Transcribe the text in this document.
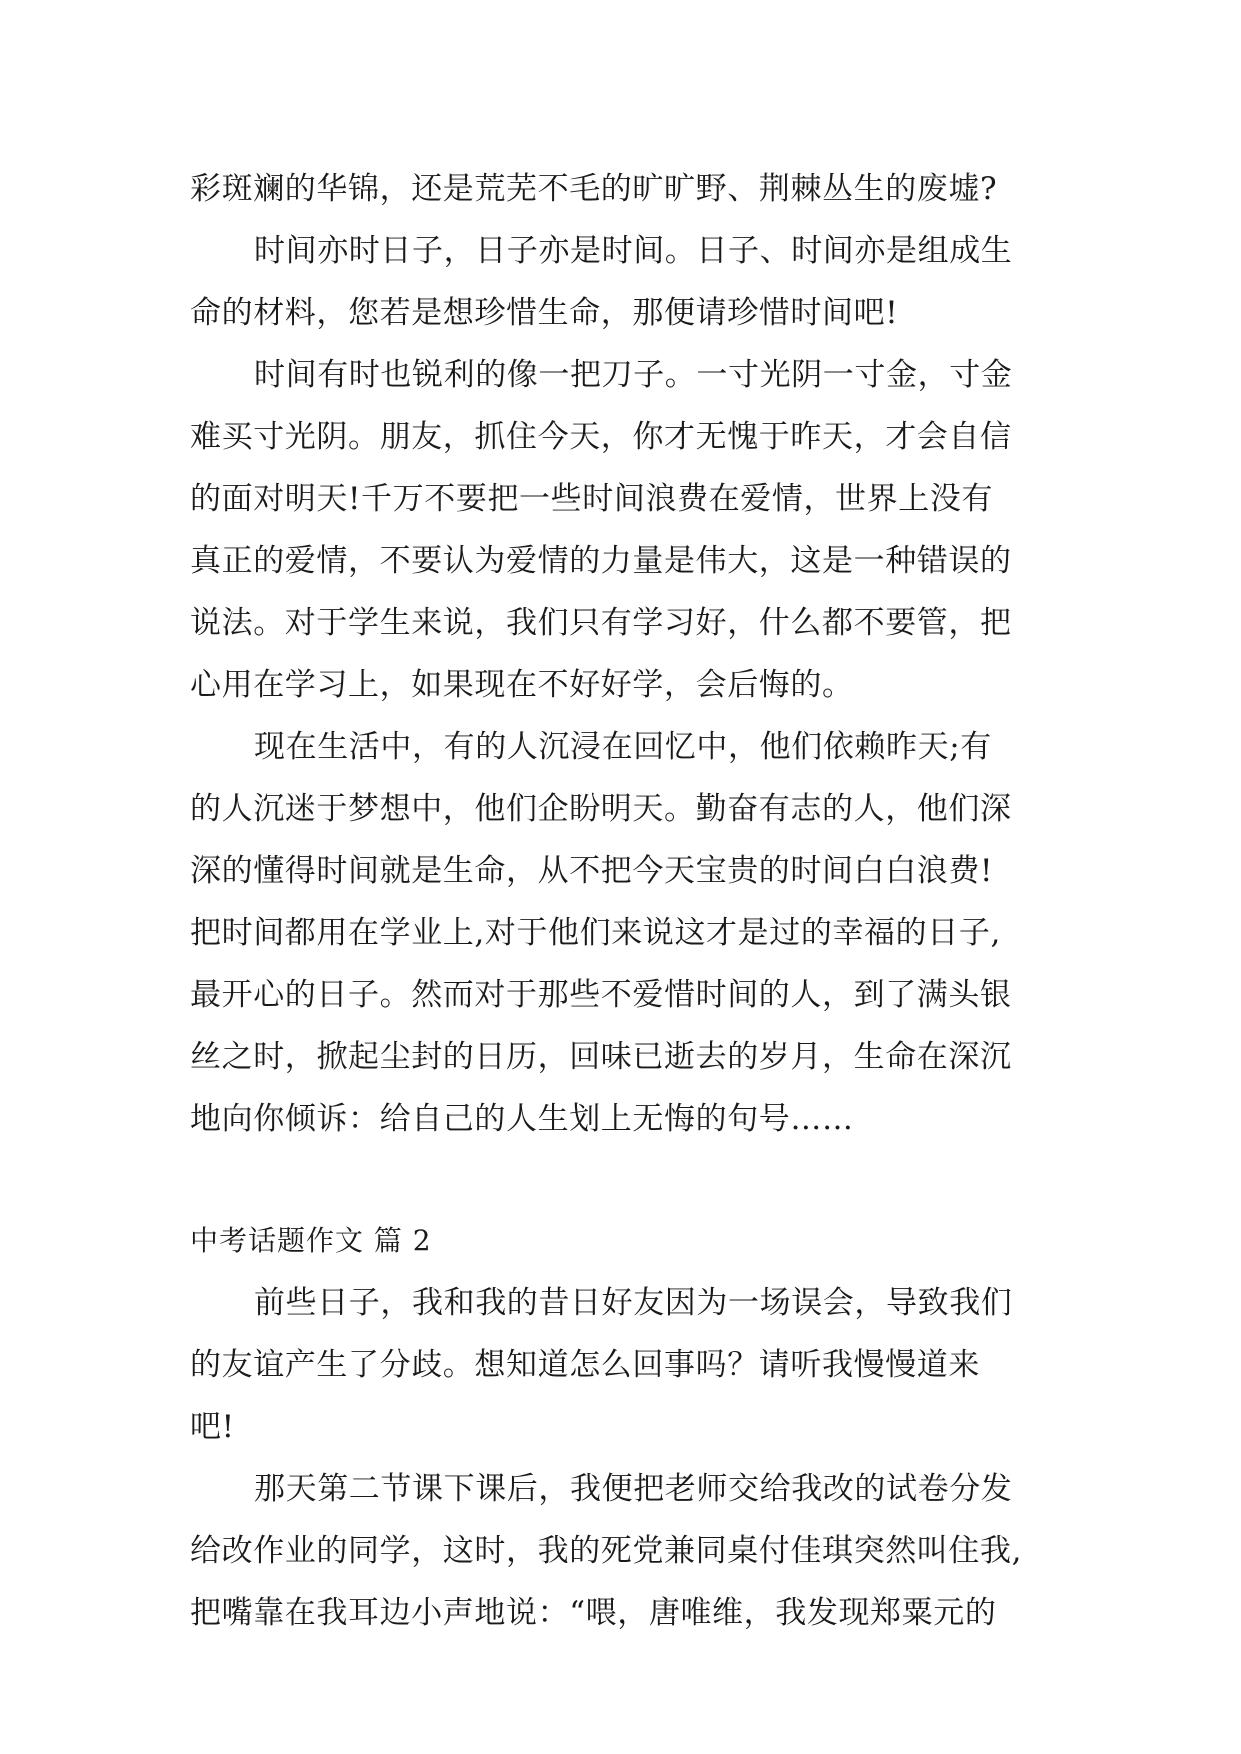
彩斑斓的华锦，还是荒芜不毛的旷旷野、荆棘丛生的废墟?
时间亦时日子，日子亦是时间。日子、时间亦是组成生
命的材料，您若是想珍惜生命，那便请珍惜时间吧!
时间有时也锐利的像一把刀子。一寸光阴一寸金，寸金
难买寸光阴。朋友，抓住今天，你才无愧于昨天，才会自信
的面对明天!千万不要把一些时间浪费在爱情，世界上没有
真正的爱情，不要认为爱情的力量是伟大，这是一种错误的
说法。对于学生来说，我们只有学习好，什么都不要管，把
心用在学习上，如果现在不好好学，会后悔的。
现在生活中，有的人沉浸在回忆中，他们依赖昨天;有
的人沉迷于梦想中，他们企盼明天。勤奋有志的人，他们深
深的懂得时间就是生命，从不把今天宝贵的时间白白浪费!
把时间都用在学业上,对于他们来说这才是过的幸福的日子,
最开心的日子。然而对于那些不爱惜时间的人，到了满头银
丝之时，掀起尘封的日历，回味已逝去的岁月，生命在深沉
地向你倾诉：给自己的人生划上无悔的句号……
中考话题作文 篇 2
前些日子，我和我的昔日好友因为一场误会，导致我们
的友谊产生了分歧。想知道怎么回事吗？请听我慢慢道来
吧!
那天第二节课下课后，我便把老师交给我改的试卷分发
给改作业的同学，这时，我的死党兼同桌付佳琪突然叫住我,
把嘴靠在我耳边小声地说：“喂，唐唯维，我发现郑粟元的
